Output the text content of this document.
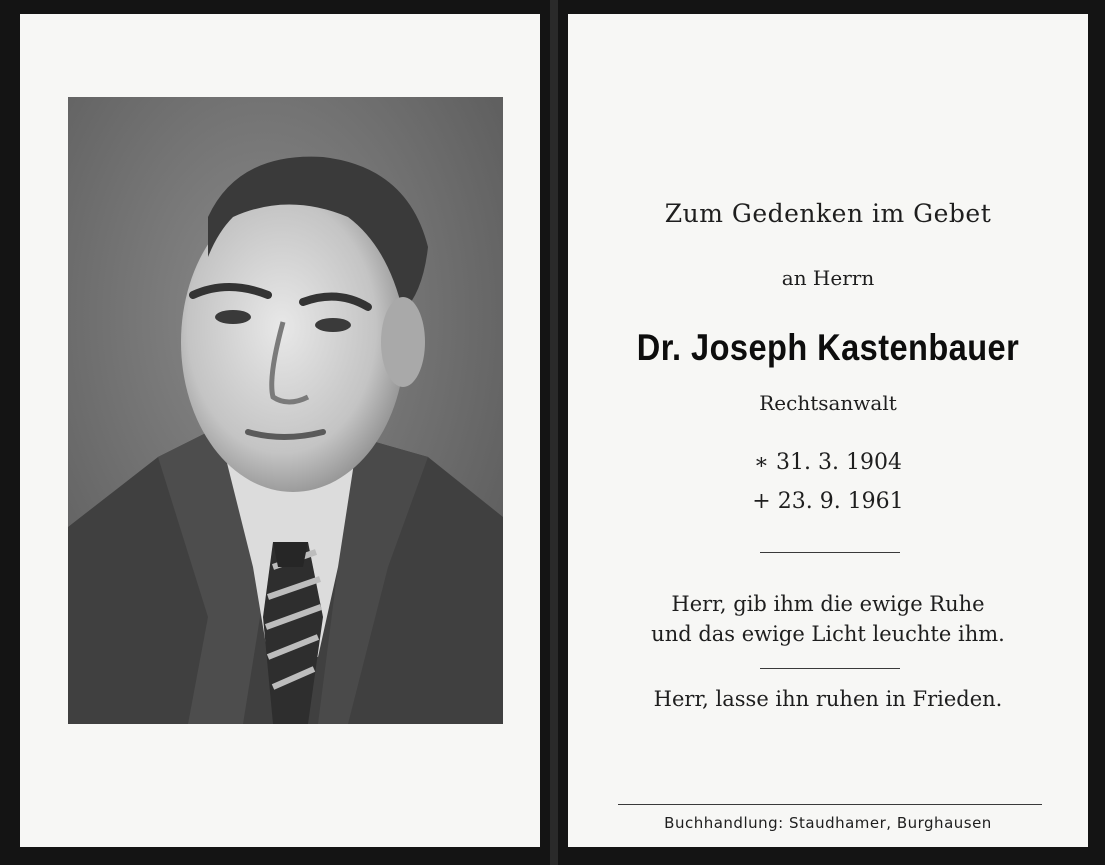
Zum Gedenken im Gebet
an Herrn
Dr. Joseph Kastenbauer
Rechtsanwalt
∗ 31. 3. 1904
+ 23. 9. 1961
Herr, gib ihm die ewige Ruhe
und das ewige Licht leuchte ihm.
Herr, lasse ihn ruhen in Frieden.
Buchhandlung: Staudhamer, Burghausen
